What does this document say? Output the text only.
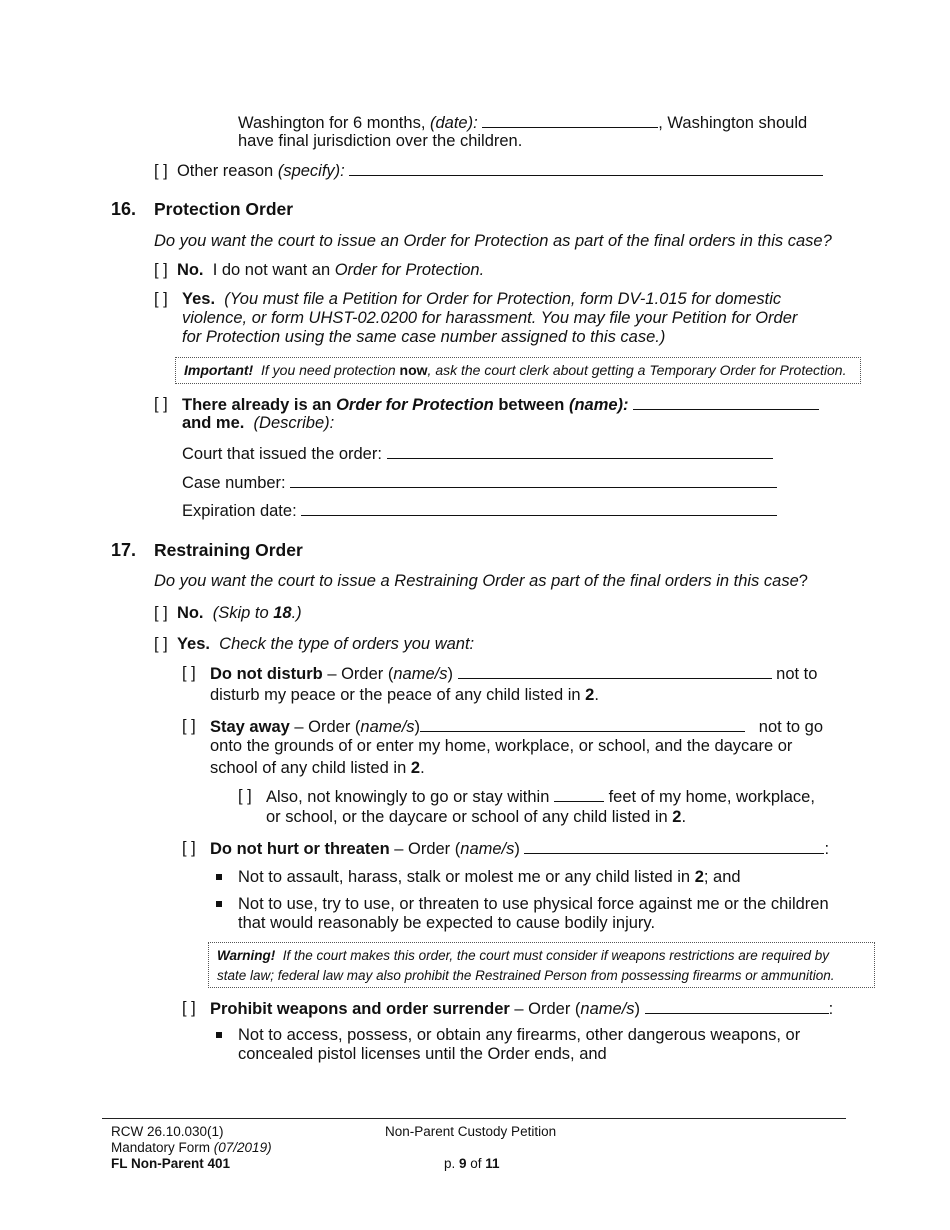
Washington for 6 months, (date):	, Washington should
have final jurisdiction over the children.
[ ] Other reason (specify):
16. Protection Order
Do you want the court to issue an Order for Protection as part of the final orders in this case?
[ ] No. I do not want an Order for Protection.
[ ] Yes. (You must file a Petition for Order for Protection, form DV-1.015 for domestic
violence, or form UHST-02.0200 for harassment. You may file your Petition for Order
for Protection using the same case number assigned to this case.)
Important! If you need protection now, ask the court clerk about getting a Temporary Order for Protection.
[ ] There already is an Order for Protection between (name):
and me. (Describe):
Court that issued the order:
Case number:
Expiration date:
17. Restraining Order
Do you want the court to issue a Restraining Order as part of the final orders in this case?
[ ] No. (Skip to 18.)
[ ] Yes. Check the type of orders you want:
[ ] Do not disturb – Order (name/s)	not to
disturb my peace or the peace of any child listed in 2.
[ ] Stay away – Order (name/s)	not to go
onto the grounds of or enter my home, workplace, or school, and the daycare or
school of any child listed in 2.
[ ] Also, not knowingly to go or stay within	feet of my home, workplace,
or school, or the daycare or school of any child listed in 2.
[ ] Do not hurt or threaten – Order (name/s)	:
Not to assault, harass, stalk or molest me or any child listed in 2; and
Not to use, try to use, or threaten to use physical force against me or the children
that would reasonably be expected to cause bodily injury.
Warning! If the court makes this order, the court must consider if weapons restrictions are required by
state law; federal law may also prohibit the Restrained Person from possessing firearms or ammunition.
[ ] Prohibit weapons and order surrender – Order (name/s)	:
Not to access, possess, or obtain any firearms, other dangerous weapons, or
concealed pistol licenses until the Order ends, and
RCW 26.10.030(1)
Mandatory Form (07/2019)
FL Non-Parent 401
Non-Parent Custody Petition
p. 9 of 11
